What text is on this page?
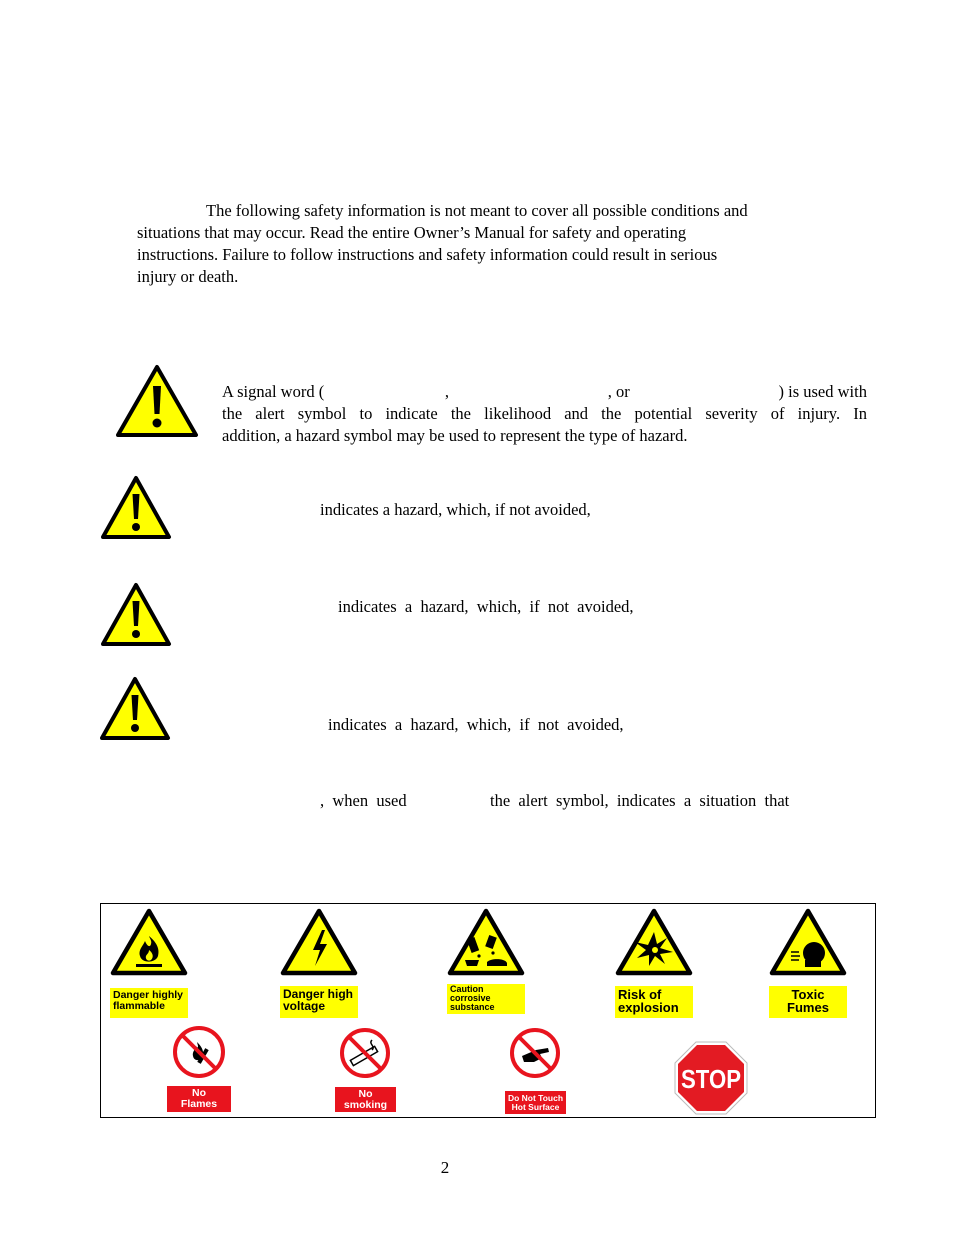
The following safety information is not meant to cover all possible conditions and

situations that may occur. Read the entire Owner’s Manual for safety and operating

instructions. Failure to follow instructions and safety information could result in serious

injury or death.

A signal word (	,	, or	) is used with

the alert symbol to indicate the likelihood and the potential severity of injury. In

addition, a hazard symbol may be used to represent the type of hazard.

indicates a hazard, which, if not avoided,
indicates  a  hazard,  which,  if  not  avoided,
indicates  a  hazard,  which,  if  not  avoided,
,  when  used	the  alert  symbol,  indicates  a  situation  that
Danger highly
flammable
Danger high
voltage
Caution
corrosive
substance
Risk of
explosion
Toxic
Fumes
No
Flames
No
smoking
Do Not Touch
Hot Surface
STOP
2
